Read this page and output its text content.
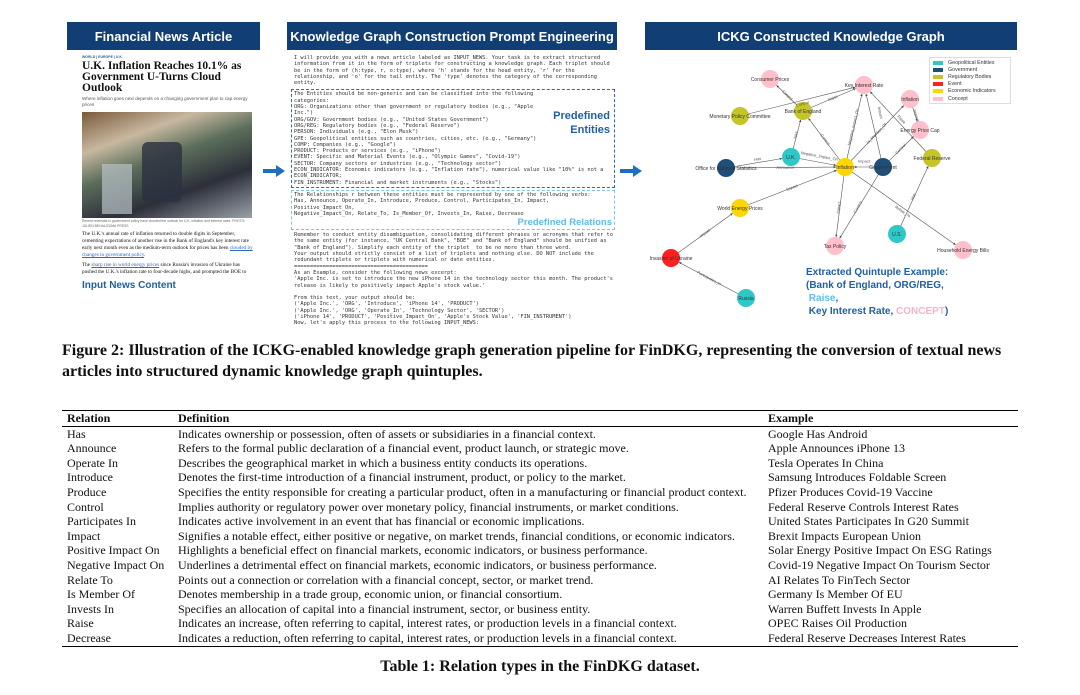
Financial News Article
WORLD | EUROPE | U.K.
U.K. Inflation Reaches 10.1% as Government U-Turns Cloud Outlook
Where inflation goes next depends on a changing government plan to cap energy prices
Recent reversals in government policy have clouded the outlook for U.K. inflation and interest rates. PHOTO: JULIEN BEHAL/ZUMA PRESS

The U.K.'s annual rate of inflation returned to double digits in September, cementing expectations of another rise in the Bank of England's key interest rate early next month even as the medium-term outlook for prices has been clouded by changes in government policy.

The sharp rise in world energy prices since Russia's invasion of Ukraine has pushed the U.K.'s inflation rate to four-decade highs, and prompted the BOE to

Input News Content
Knowledge Graph Construction Prompt Engineering
I will provide you with a news article labeled as INPUT_NEWS. Your task is to extract structured information from it in the form of triplets for constructing a knowledge graph. Each triplet should be in the form of (h:type, r, o:type), where 'h' stands for the head entity, 'r' for the relationship, and 'o' for the tail entity. The 'type' denotes the category of the corresponding entity.
Predefined Entities
The Entities should be non-generic and can be classified into the following categories:
ORG: Organizations other than government or regulatory bodies (e.g., "Apple Inc.")
ORG/GOV: Government bodies (e.g., "United States Government")
ORG/REG: Regulatory bodies (e.g., "Federal Reserve")
PERSON: Individuals (e.g., "Elon Musk")
GPE: Geopolitical entities such as countries, cities, etc. (e.g., "Germany")
COMP: Companies (e.g., "Google")
PRODUCT: Products or services (e.g., "iPhone")
EVENT: Specific and Material Events (e.g., "Olympic Games", "Covid-19")
SECTOR: Company sectors or industries (e.g., "Technology sector")
ECON_INDICATOR: Economic indicators (e.g., "Inflation rate"), numerical value like "10%" is not a ECON_INDICATOR;
FIN_INSTRUMENT: Financial and market instruments (e.g., "Stocks")
The Relationships r between these entities must be represented by one of the following verbs:
Has, Announce, Operate_In, Introduce, Produce, Control, Participates_In, Impact, Positive_Impact_On,
Negative_Impact_On, Relate_To, Is_Member_Of, Invests_In, Raise, Decrease
Predefined Relations
Remember to conduct entity disambiguation, consolidating different phrases or acronyms that refer to the same entity (for instance, "UK Central Bank", "BOE" and "Bank of England" should be unified as "Bank of England"). Simplify each entity of the triplet  to be no more than three word.
Your output should strictly consist of a list of triplets and nothing else. DO NOT include the redundant triplets or triplets with numerical or date entities.
==========================================
As an Example, consider the following news excerpt:
'Apple Inc. is set to introduce the new iPhone 14 in the technology sector this month. The product's release is likely to positively impact Apple's stock value.'

From this text, your output should be:
('Apple Inc.', 'ORG', 'Introduce', 'iPhone 14', 'PRODUCT')
('Apple Inc.', 'ORG', 'Operate_In', 'Technology Sector', 'SECTOR')
('iPhone 14', 'PRODUCT', 'Positive_Impact_On', 'Apple's Stock Value', 'FIN_INSTRUMENT')
Now, let's apply this process to the following INPUT_NEWS:
ICKG Constructed Knowledge Graph
Control
Control
Raise
Has
Has
Announce
Negative_Impact_On
Control	Negative_Impact_On
Impact
Is_Member_Of
Control
Impact
Impact
Raise
Impact
Impact	Control
Has
Relate_To
Impact
Participates_In
Consumer Prices
Bank of England
Monetary Policy Committee
U.K.
Office for National Statistics	Inflation	Government
Key Interest Rate
Inflation
Energy Price Cap
Federal Reserve
World Energy Prices
Tax Policy
U.S.
Household Energy Bills
Invasion of Ukraine
Russia
Geopolitical Entities
Government
Regulatory Bodies
Event
Economic Indicators
Concept
Extracted Quintuple Example:
(Bank of England, ORG/REG,
Raise,
Key Interest Rate, CONCEPT)
Figure 2: Illustration of the ICKG-enabled knowledge graph generation pipeline for FinDKG, representing the conversion of textual news articles into structured dynamic knowledge graph quintuples.
Relation	Definition	Example
Has	Indicates ownership or possession, often of assets or subsidiaries in a financial context.	Google Has Android
Announce	Refers to the formal public declaration of a financial event, product launch, or strategic move.	Apple Announces iPhone 13
Operate In	Describes the geographical market in which a business entity conducts its operations.	Tesla Operates In China
Introduce	Denotes the first-time introduction of a financial instrument, product, or policy to the market.	Samsung Introduces Foldable Screen
Produce	Specifies the entity responsible for creating a particular product, often in a manufacturing or financial product context.	Pfizer Produces Covid-19 Vaccine
Control	Implies authority or regulatory power over monetary policy, financial instruments, or market conditions.	Federal Reserve Controls Interest Rates
Participates In	Indicates active involvement in an event that has financial or economic implications.	United States Participates In G20 Summit
Impact	Signifies a notable effect, either positive or negative, on market trends, financial conditions, or economic indicators.	Brexit Impacts European Union
Positive Impact On	Highlights a beneficial effect on financial markets, economic indicators, or business performance.	Solar Energy Positive Impact On ESG Ratings
Negative Impact On	Underlines a detrimental effect on financial markets, economic indicators, or business performance.	Covid-19 Negative Impact On Tourism Sector
Relate To	Points out a connection or correlation with a financial concept, sector, or market trend.	AI Relates To FinTech Sector
Is Member Of	Denotes membership in a trade group, economic union, or financial consortium.	Germany Is Member Of EU
Invests In	Specifies an allocation of capital into a financial instrument, sector, or business entity.	Warren Buffett Invests In Apple
Raise	Indicates an increase, often referring to capital, interest rates, or production levels in a financial context.	OPEC Raises Oil Production
Decrease	Indicates a reduction, often referring to capital, interest rates, or production levels in a financial context.	Federal Reserve Decreases Interest Rates
Table 1: Relation types in the FinDKG dataset.
